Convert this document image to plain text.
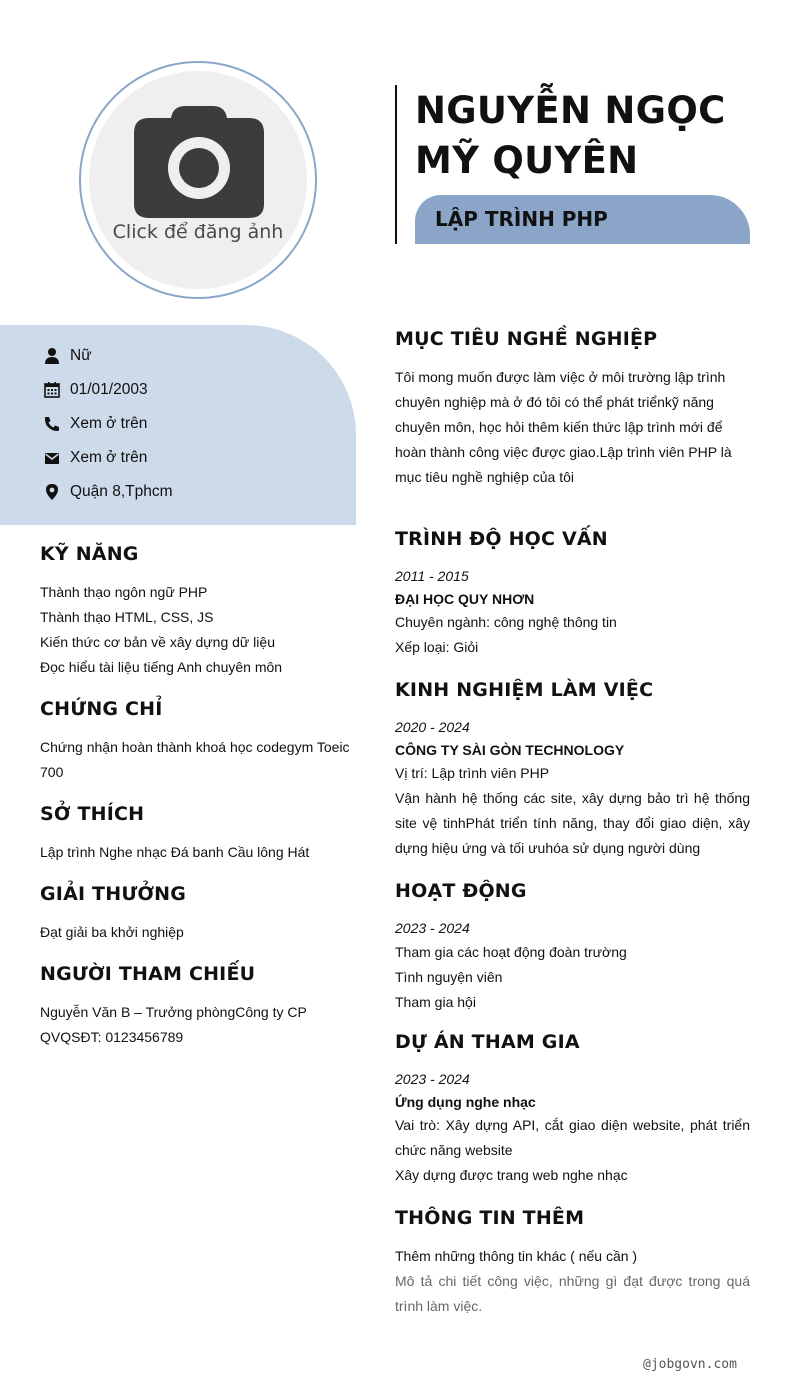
Click để đăng ảnh
NGUYỄN NGỌC MỸ QUYÊN
LẬP TRÌNH PHP
Nữ
01/01/2003
Xem ở trên
Xem ở trên
Quận 8,Tphcm
KỸ NĂNG
Thành thạo ngôn ngữ PHP
Thành thạo HTML, CSS, JS
Kiến thức cơ bản về xây dựng dữ liệu
Đọc hiểu tài liệu tiếng Anh chuyên môn
CHỨNG CHỈ
Chứng nhận hoàn thành khoá học codegym Toeic 700
SỞ THÍCH
Lập trình Nghe nhạc Đá banh Cầu lông Hát
GIẢI THƯỞNG
Đạt giải ba khởi nghiệp
NGƯỜI THAM CHIẾU
Nguyễn Văn B – Trưởng phòngCông ty CP QVQSĐT: 0123456789
MỤC TIÊU NGHỀ NGHIỆP
Tôi mong muốn được làm việc ở môi trường lập trình chuyên nghiệp mà ở đó tôi có thể phát triểnkỹ năng chuyên môn, học hỏi thêm kiến thức lập trình mới để hoàn thành công việc được giao.Lập trình viên PHP là mục tiêu nghề nghiệp của tôi
TRÌNH ĐỘ HỌC VẤN
2011 - 2015
ĐẠI HỌC QUY NHƠN
Chuyên ngành: công nghệ thông tin
Xếp loại: Giỏi
KINH NGHIỆM LÀM VIỆC
2020 - 2024
CÔNG TY SÀI GÒN TECHNOLOGY
Vị trí: Lập trình viên PHP
Vận hành hệ thống các site, xây dựng bảo trì hệ thống site vệ tinhPhát triển tính năng, thay đổi giao diện, xây dựng hiệu ứng và tối ưuhóa sử dụng người dùng
HOẠT ĐỘNG
2023 - 2024
Tham gia các hoạt động đoàn trường
Tình nguyện viên
Tham gia hội
DỰ ÁN THAM GIA
2023 - 2024
Ứng dụng nghe nhạc
Vai trò: Xây dựng API, cắt giao diện website, phát triển chức năng website
Xây dựng được trang web nghe nhạc
THÔNG TIN THÊM
Thêm những thông tin khác ( nếu cần )
Mô tả chi tiết công việc, những gì đạt được trong quá trình làm việc.
@jobgovn.com
